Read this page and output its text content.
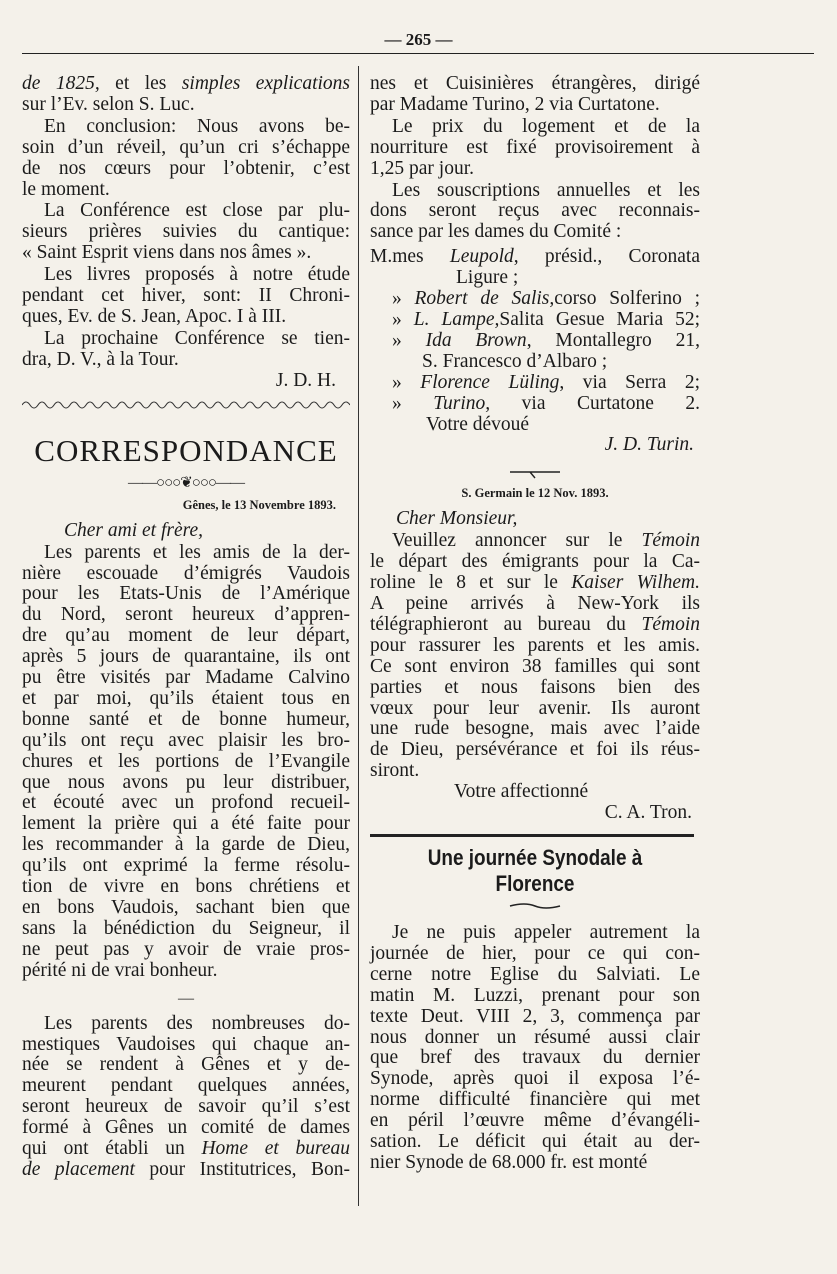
— 265 —
de 1825, et les simples explications
sur l’Ev. selon S. Luc.
En conclusion: Nous avons be-
soin d’un réveil, qu’un cri s’échappe
de nos cœurs pour l’obtenir, c’est
le moment.
La Conférence est close par plu-
sieurs prières suivies du cantique:
« Saint Esprit viens dans nos âmes ».
Les livres proposés à notre étude
pendant cet hiver, sont: II Chroni-
ques, Ev. de S. Jean, Apoc. I à III.
La prochaine Conférence se tien-
dra, D. V., à la Tour.
J. D. H.
CORRESPONDANCE
——○○○❦○○○——
Gênes, le 13 Novembre 1893.
Cher ami et frère,
Les parents et les amis de la der-
nière escouade d’émigrés Vaudois
pour les Etats-Unis de l’Amérique
du Nord, seront heureux d’appren-
dre qu’au moment de leur départ,
après 5 jours de quarantaine, ils ont
pu être visités par Madame Calvino
et par moi, qu’ils étaient tous en
bonne santé et de bonne humeur,
qu’ils ont reçu avec plaisir les bro-
chures et les portions de l’Evangile
que nous avons pu leur distribuer,
et écouté avec un profond recueil-
lement la prière qui a été faite pour
les recommander à la garde de Dieu,
qu’ils ont exprimé la ferme résolu-
tion de vivre en bons chrétiens et
en bons Vaudois, sachant bien que
sans la bénédiction du Seigneur, il
ne peut pas y avoir de vraie pros-
périté ni de vrai bonheur.
—
Les parents des nombreuses do-
mestiques Vaudoises qui chaque an-
née se rendent à Gênes et y de-
meurent pendant quelques années,
seront heureux de savoir qu’il s’est
formé à Gênes un comité de dames
qui ont établi un Home et bureau
de placement pour Institutrices, Bon-
nes et Cuisinières étrangères, dirigé
par Madame Turino, 2 via Curtatone.
Le prix du logement et de la
nourriture est fixé provisoirement à
1,25 par jour.
Les souscriptions annuelles et les
dons seront reçus avec reconnais-
sance par les dames du Comité :
M.mes Leupold, présid., Coronata
Ligure ;
» Robert de Salis,corso Solferino ;
» L. Lampe,Salita Gesue Maria 52;
» Ida Brown, Montallegro 21,
S. Francesco d’Albaro ;
» Florence Lüling, via Serra 2;
» Turino, via Curtatone 2.
Votre dévoué
J. D. Turin.
S. Germain le 12 Nov. 1893.
Cher Monsieur,
Veuillez annoncer sur le Témoin
le départ des émigrants pour la Ca-
roline le 8 et sur le Kaiser Wilhem.
A peine arrivés à New-York ils
télégraphieront au bureau du Témoin
pour rassurer les parents et les amis.
Ce sont environ 38 familles qui sont
parties et nous faisons bien des
vœux pour leur avenir. Ils auront
une rude besogne, mais avec l’aide
de Dieu, persévérance et foi ils réus-
siront.
Votre affectionné
C. A. Tron.
Une journée Synodale à Florence
Je ne puis appeler autrement la
journée de hier, pour ce qui con-
cerne notre Eglise du Salviati. Le
matin M. Luzzi, prenant pour son
texte Deut. VIII 2, 3, commença par
nous donner un résumé aussi clair
que bref des travaux du dernier
Synode, après quoi il exposa l’é-
norme difficulté financière qui met
en péril l’œuvre même d’évangéli-
sation. Le déficit qui était au der-
nier Synode de 68.000 fr. est monté
